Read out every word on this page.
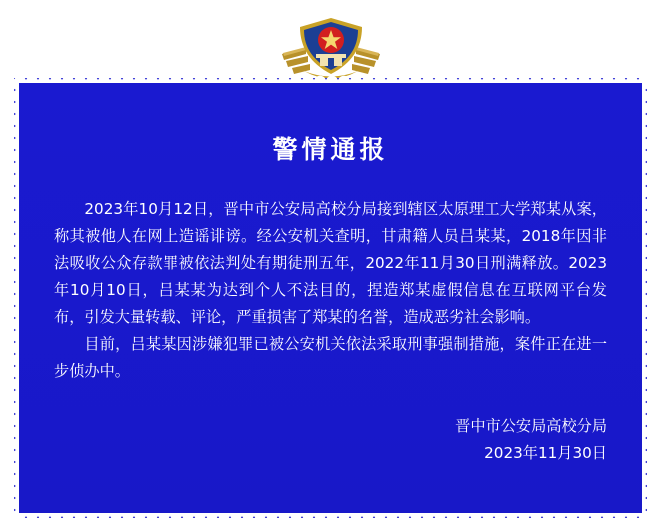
警情通报

2023年10月12日，晋中市公安局高校分局接到辖区太原理工大学郑某从案，称其被他人在网上造谣诽谤。经公安机关查明，甘肃籍人员吕某某，2018年因非法吸收公众存款罪被依法判处有期徒刑五年，2022年11月30日刑满释放。2023年10月10日，吕某某为达到个人不法目的，捏造郑某虚假信息在互联网平台发布，引发大量转载、评论，严重损害了郑某的名誉，造成恶劣社会影响。

目前，吕某某因涉嫌犯罪已被公安机关依法采取刑事强制措施，案件正在进一步侦办中。

晋中市公安局高校分局
2023年11月30日
